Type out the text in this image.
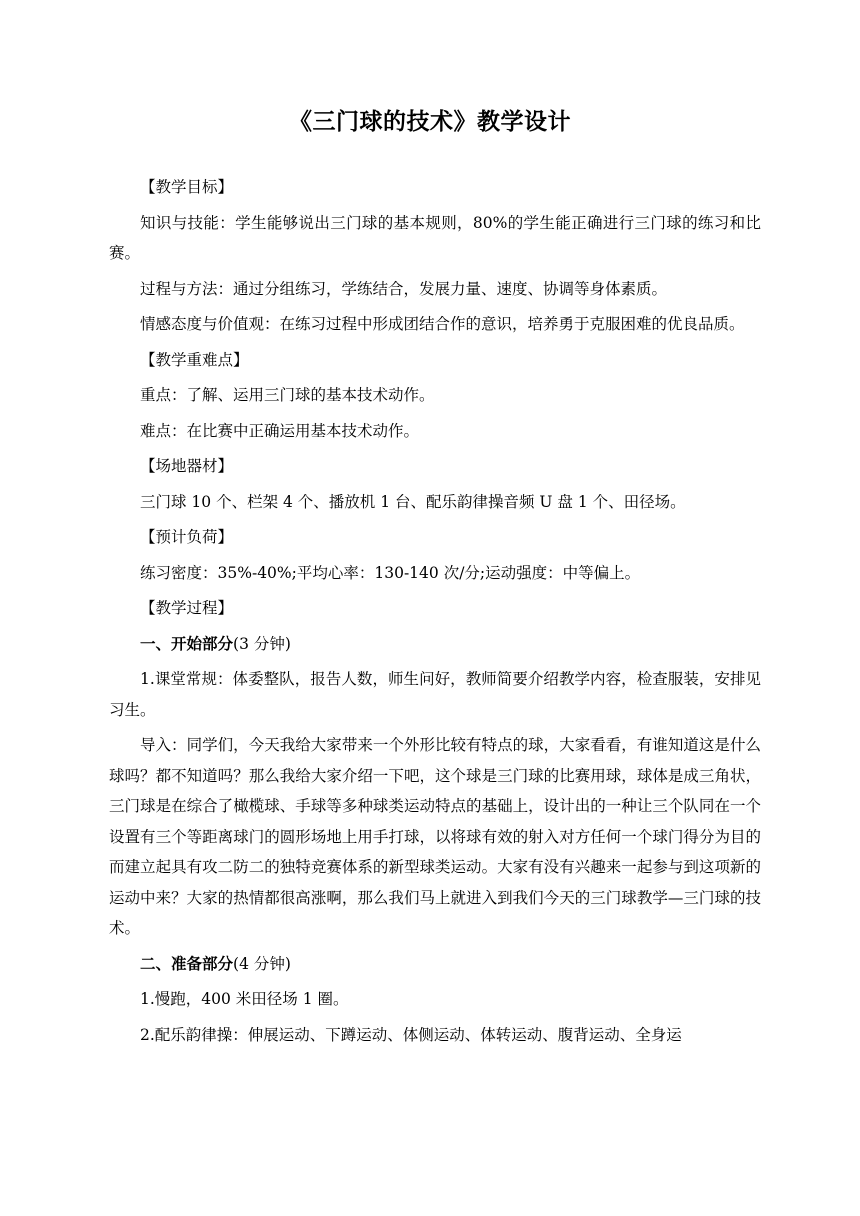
《三门球的技术》教学设计

【教学目标】

知识与技能：学生能够说出三门球的基本规则，80%的学生能正确进行三门球的练习和比赛。

过程与方法：通过分组练习，学练结合，发展力量、速度、协调等身体素质。

情感态度与价值观：在练习过程中形成团结合作的意识，培养勇于克服困难的优良品质。

【教学重难点】

重点：了解、运用三门球的基本技术动作。

难点：在比赛中正确运用基本技术动作。

【场地器材】

三门球 10 个、栏架 4 个、播放机 1 台、配乐韵律操音频 U 盘 1 个、田径场。

【预计负荷】

练习密度：35%-40%;平均心率：130-140 次/分;运动强度：中等偏上。

【教学过程】

一、开始部分(3 分钟)

1.课堂常规：体委整队，报告人数，师生问好，教师简要介绍教学内容，检查服装，安排见习生。

导入：同学们，今天我给大家带来一个外形比较有特点的球，大家看看，有谁知道这是什么球吗？都不知道吗？那么我给大家介绍一下吧，这个球是三门球的比赛用球，球体是成三角状，三门球是在综合了橄榄球、手球等多种球类运动特点的基础上，设计出的一种让三个队同在一个设置有三个等距离球门的圆形场地上用手打球，以将球有效的射入对方任何一个球门得分为目的而建立起具有攻二防二的独特竞赛体系的新型球类运动。大家有没有兴趣来一起参与到这项新的运动中来？大家的热情都很高涨啊，那么我们马上就进入到我们今天的三门球教学—三门球的技术。

二、准备部分(4 分钟)

1.慢跑，400 米田径场 1 圈。

2.配乐韵律操：伸展运动、下蹲运动、体侧运动、体转运动、腹背运动、全身运
